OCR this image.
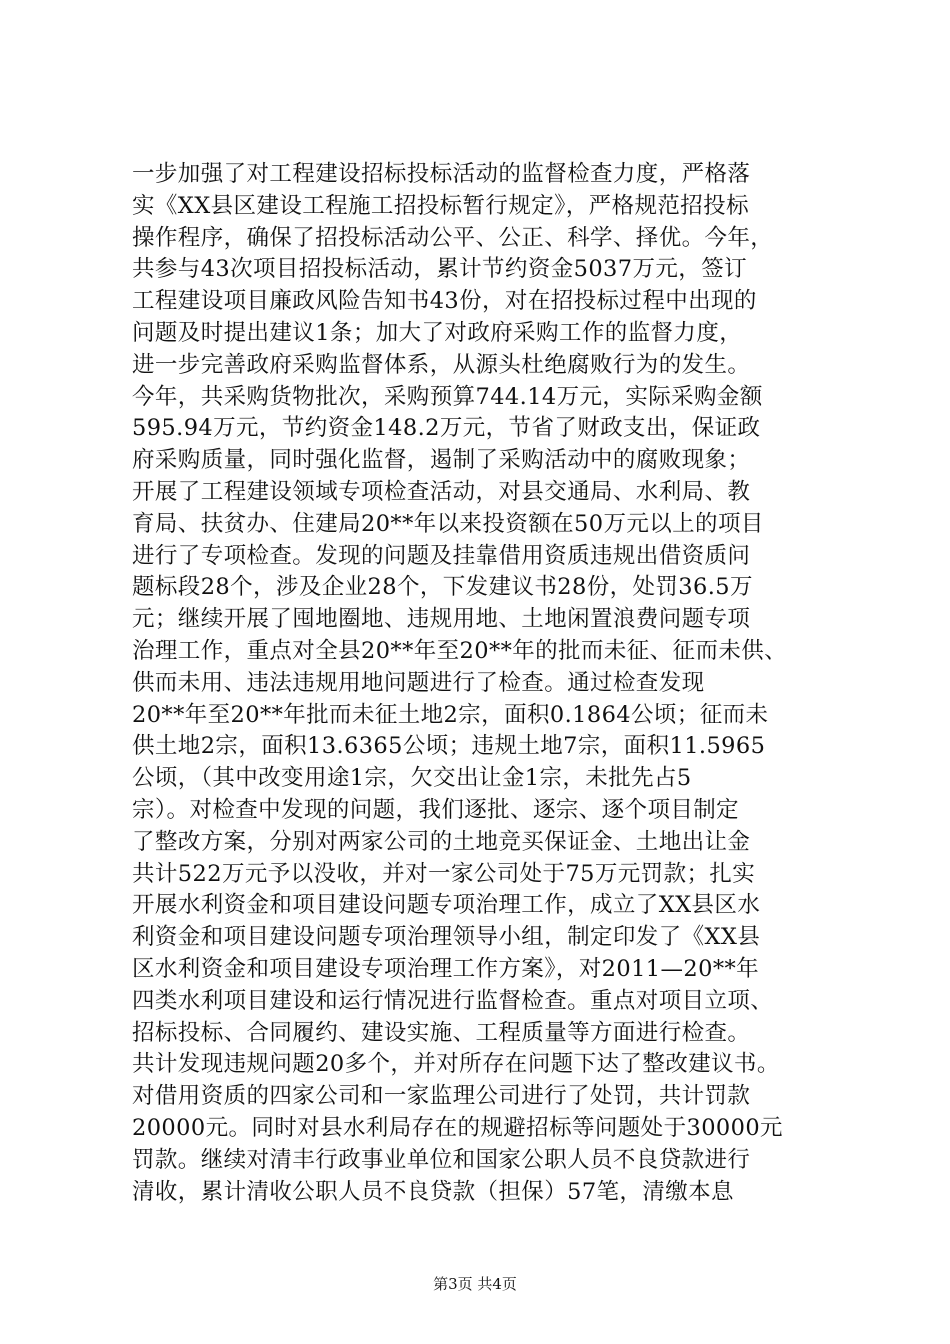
一步加强了对工程建设招标投标活动的监督检查力度，严格落
实《XX县区建设工程施工招投标暂行规定》，严格规范招投标
操作程序，确保了招投标活动公平、公正、科学、择优。今年，
共参与43次项目招投标活动，累计节约资金5037万元，签订
工程建设项目廉政风险告知书43份，对在招投标过程中出现的
问题及时提出建议1条；加大了对政府采购工作的监督力度，
进一步完善政府采购监督体系，从源头杜绝腐败行为的发生。
今年，共采购货物批次，采购预算744.14万元，实际采购金额
595.94万元，节约资金148.2万元，节省了财政支出，保证政
府采购质量，同时强化监督，遏制了采购活动中的腐败现象；
开展了工程建设领域专项检查活动，对县交通局、水利局、教
育局、扶贫办、住建局20**年以来投资额在50万元以上的项目
进行了专项检查。发现的问题及挂靠借用资质违规出借资质问
题标段28个，涉及企业28个，下发建议书28份，处罚36.5万
元；继续开展了囤地圈地、违规用地、土地闲置浪费问题专项
治理工作，重点对全县20**年至20**年的批而未征、征而未供、
供而未用、违法违规用地问题进行了检查。通过检查发现
20**年至20**年批而未征土地2宗，面积0.1864公顷；征而未
供土地2宗，面积13.6365公顷；违规土地7宗，面积11.5965
公顷，（其中改变用途1宗，欠交出让金1宗，未批先占5
宗）。对检查中发现的问题，我们逐批、逐宗、逐个项目制定
了整改方案，分别对两家公司的土地竞买保证金、土地出让金
共计522万元予以没收，并对一家公司处于75万元罚款；扎实
开展水利资金和项目建设问题专项治理工作，成立了XX县区水
利资金和项目建设问题专项治理领导小组，制定印发了《XX县
区水利资金和项目建设专项治理工作方案》，对2011—20**年
四类水利项目建设和运行情况进行监督检查。重点对项目立项、
招标投标、合同履约、建设实施、工程质量等方面进行检查。
共计发现违规问题20多个，并对所存在问题下达了整改建议书。
对借用资质的四家公司和一家监理公司进行了处罚，共计罚款
20000元。同时对县水利局存在的规避招标等问题处于30000元
罚款。继续对清丰行政事业单位和国家公职人员不良贷款进行
清收，累计清收公职人员不良贷款（担保）57笔，清缴本息
第3页 共4页
